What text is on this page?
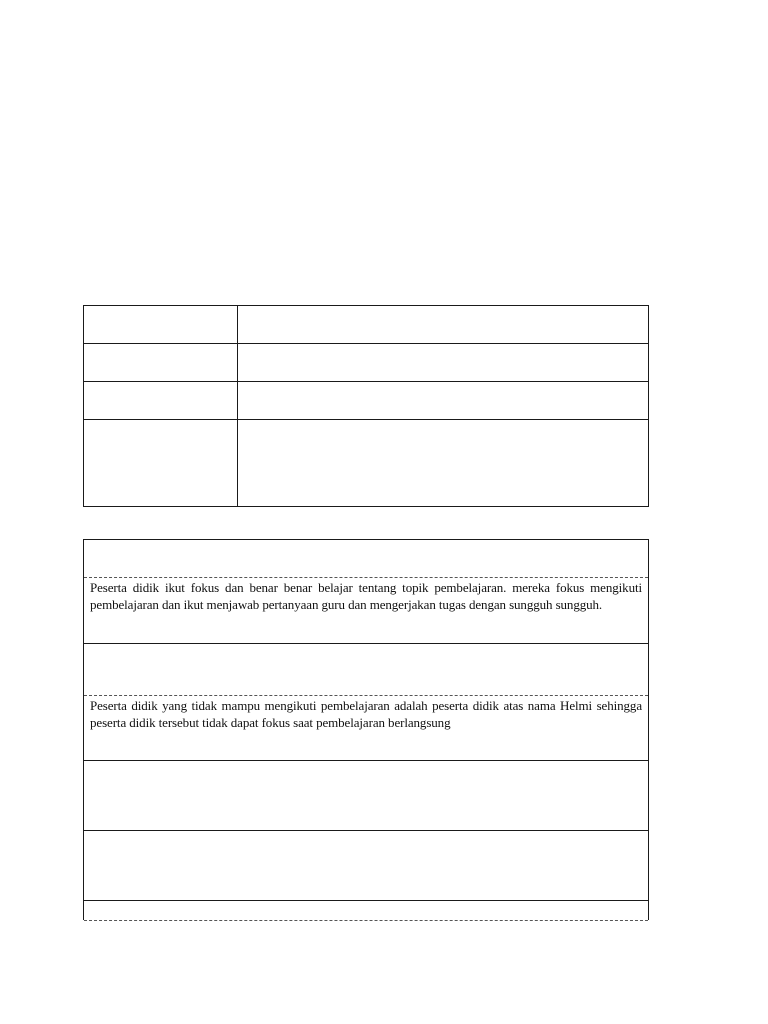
Peserta didik ikut fokus dan benar benar belajar tentang topik pembelajaran. mereka fokus mengikuti pembelajaran dan ikut menjawab pertanyaan guru dan mengerjakan tugas dengan sungguh sungguh.

Peserta didik yang tidak mampu mengikuti pembelajaran adalah peserta didik atas nama Helmi sehingga peserta didik tersebut tidak dapat fokus saat pembelajaran berlangsung
